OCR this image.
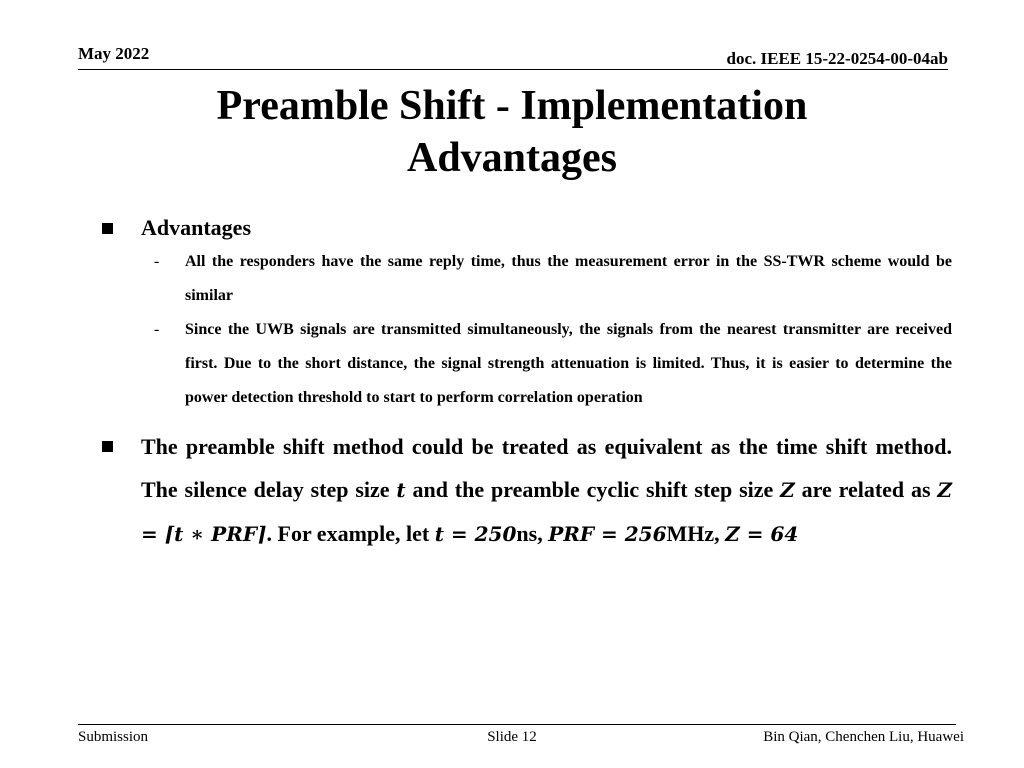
May 2022	doc. IEEE 15-22-0254-00-04ab
Preamble Shift - Implementation
Advantages
Advantages
-	All the responders have the same reply time, thus the measurement error in the SS-TWR scheme would be similar
-	Since the UWB signals are transmitted simultaneously, the signals from the nearest transmitter are received first. Due to the short distance, the signal strength attenuation is limited. Thus, it is easier to determine the power detection threshold to start to perform correlation operation
The preamble shift method could be treated as equivalent as the time shift method. The silence delay step size t and the preamble cyclic shift step size Z are related as Z = ⌈t ∗ PRF⌉. For example, let t = 250ns, PRF = 256MHz, Z = 64
Submission	Slide 12	Bin Qian, Chenchen Liu, Huawei
